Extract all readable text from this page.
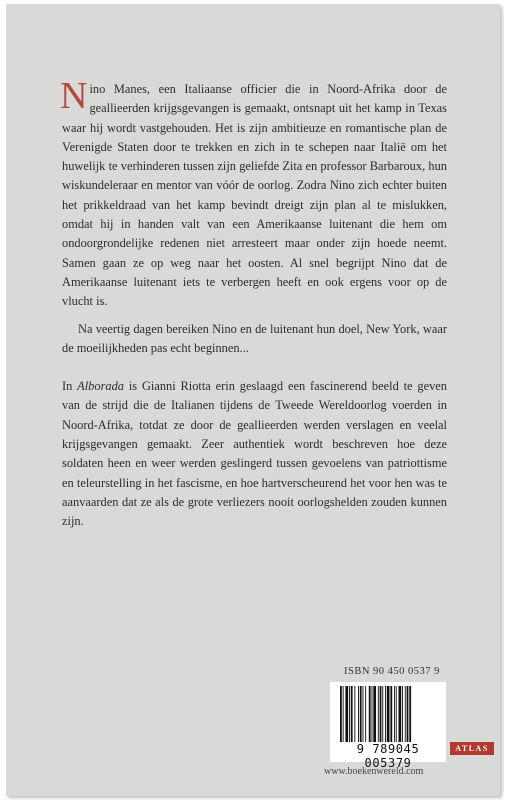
Nino Manes, een Italiaanse officier die in Noord-Afrika door de geallieerden krijgsgevangen is gemaakt, ontsnapt uit het kamp in Texas waar hij wordt vastgehouden. Het is zijn ambitieuze en romantische plan de Verenigde Staten door te trekken en zich in te schepen naar Italië om het huwelijk te verhinderen tussen zijn geliefde Zita en professor Barbaroux, hun wiskundeleraar en mentor van vóór de oorlog. Zodra Nino zich echter buiten het prikkeldraad van het kamp bevindt dreigt zijn plan al te mislukken, omdat hij in handen valt van een Amerikaanse luitenant die hem om ondoorgrondelijke redenen niet arresteert maar onder zijn hoede neemt. Samen gaan ze op weg naar het oosten. Al snel begrijpt Nino dat de Amerikaanse luitenant iets te verbergen heeft en ook ergens voor op de vlucht is.

Na veertig dagen bereiken Nino en de luitenant hun doel, New York, waar de moeilijkheden pas echt beginnen...

In Alborada is Gianni Riotta erin geslaagd een fascinerend beeld te geven van de strijd die de Italianen tijdens de Tweede Wereldoorlog voerden in Noord-Afrika, totdat ze door de geallieerden werden verslagen en veelal krijgsgevangen gemaakt. Zeer authentiek wordt beschreven hoe deze soldaten heen en weer werden geslingerd tussen gevoelens van patriottisme en teleurstelling in het fascisme, en hoe hartverscheurend het voor hen was te aanvaarden dat ze als de grote verliezers nooit oorlogshelden zouden kunnen zijn.

ISBN 90 450 0537 9
9 789045 005379
ATLAS
www.boekenwereld.com
